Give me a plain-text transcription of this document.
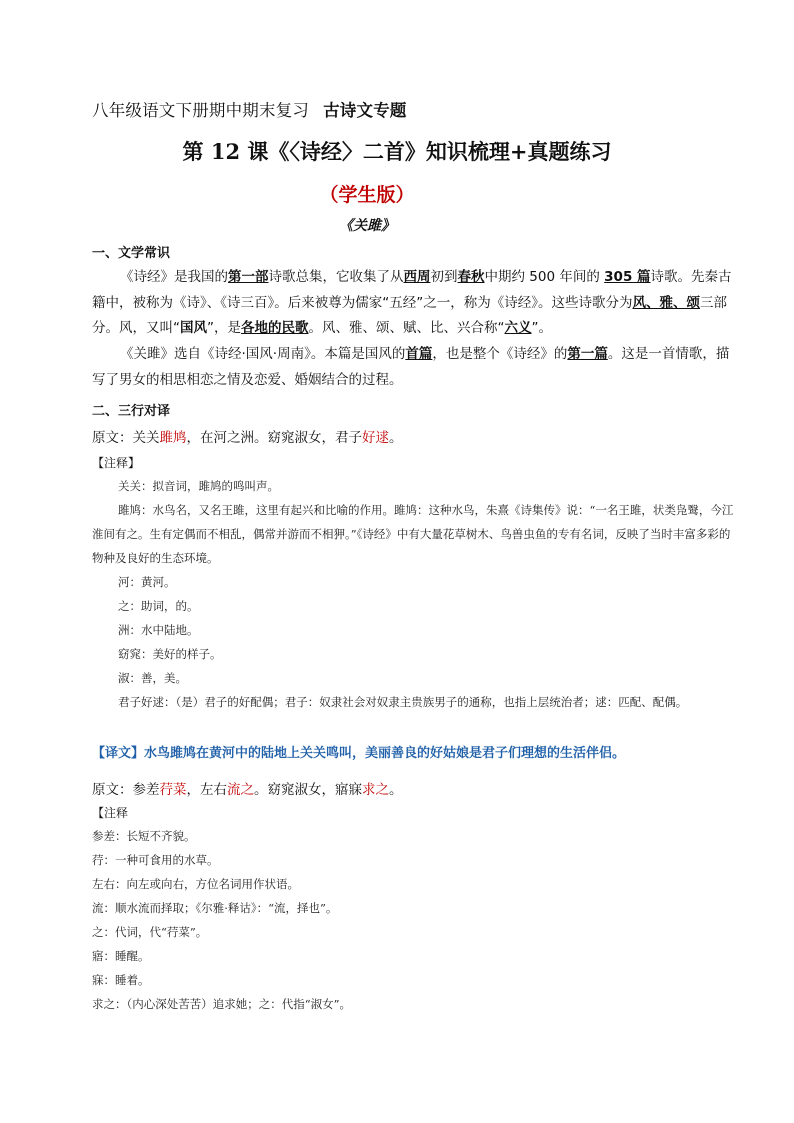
八年级语文下册期中期末复习 古诗文专题
第 12 课《〈诗经〉二首》知识梳理+真题练习
（学生版）
《关雎》
一、文学常识
《诗经》是我国的第一部诗歌总集，它收集了从西周初到春秋中期约 500 年间的 305 篇诗歌。先秦古籍中，被称为《诗》、《诗三百》。后来被尊为儒家“五经”之一，称为《诗经》。这些诗歌分为风、雅、颂三部分。风，又叫“国风”，是各地的民歌。风、雅、颂、赋、比、兴合称“六义”。
《关雎》选自《诗经·国风·周南》。本篇是国风的首篇，也是整个《诗经》的第一篇。这是一首情歌，描写了男女的相思相恋之情及恋爱、婚姻结合的过程。
二、三行对译
原文：关关雎鸠，在河之洲。窈窕淑女，君子好逑。
【注释】
关关：拟音词，雎鸠的鸣叫声。
雎鸠：水鸟名，又名王雎，这里有起兴和比喻的作用。雎鸠：这种水鸟，朱熹《诗集传》说：“一名王雎，状类凫鹥，今江淮间有之。生有定偶而不相乱，偶常并游而不相狎。”《诗经》中有大量花草树木、鸟兽虫鱼的专有名词，反映了当时丰富多彩的物种及良好的生态环境。
河：黄河。
之：助词，的。
洲：水中陆地。
窈窕：美好的样子。
淑：善，美。
君子好逑：（是）君子的好配偶；君子：奴隶社会对奴隶主贵族男子的通称，也指上层统治者；逑：匹配、配偶。
【译文】水鸟雎鸠在黄河中的陆地上关关鸣叫，美丽善良的好姑娘是君子们理想的生活伴侣。
原文：参差荇菜，左右流之。窈窕淑女，寤寐求之。
【注释
参差：长短不齐貌。
荇：一种可食用的水草。
左右：向左或向右，方位名词用作状语。
流：顺水流而择取；《尔雅·释诂》：“流，择也”。
之：代词，代“荇菜”。
寤：睡醒。
寐：睡着。
求之：（内心深处苦苦）追求她；之：代指“淑女”。
